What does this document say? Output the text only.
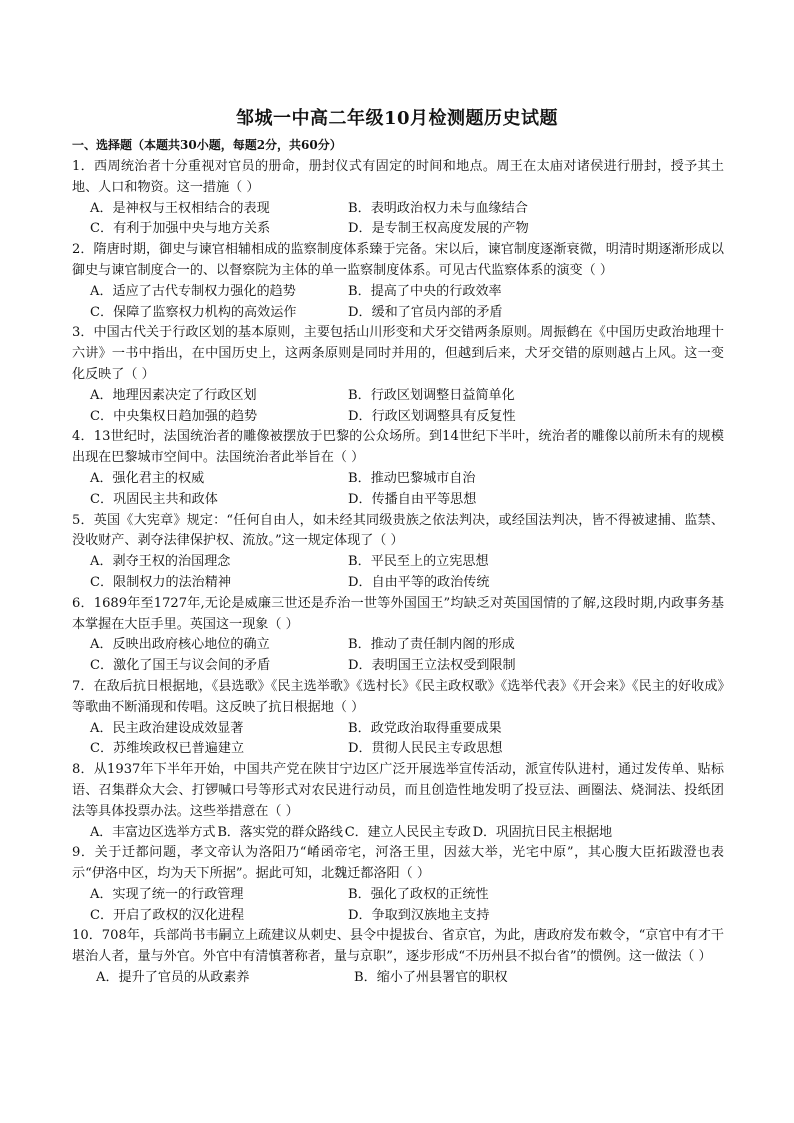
邹城一中高二年级10月检测题历史试题
一、选择题（本题共30小题，每题2分，共60分）

1．西周统治者十分重视对官员的册命，册封仪式有固定的时间和地点。周王在太庙对诸侯进行册封，授予其土地、人口和物资。这一措施（ ）

A．是神权与王权相结合的表现	B．表明政治权力未与血缘结合
C．有利于加强中央与地方关系	D．是专制王权高度发展的产物

2．隋唐时期，御史与谏官相辅相成的监察制度体系臻于完备。宋以后，谏官制度逐渐衰微，明清时期逐渐形成以御史与谏官制度合一的、以督察院为主体的单一监察制度体系。可见古代监察体系的演变（ ）

A．适应了古代专制权力强化的趋势	B．提高了中央的行政效率
C．保障了监察权力机构的高效运作	D．缓和了官员内部的矛盾

3．中国古代关于行政区划的基本原则，主要包括山川形变和犬牙交错两条原则。周振鹤在《中国历史政治地理十六讲》一书中指出，在中国历史上，这两条原则是同时并用的，但越到后来，犬牙交错的原则越占上风。这一变化反映了（ ）

A．地理因素决定了行政区划	B．行政区划调整日益简单化
C．中央集权日趋加强的趋势	D．行政区划调整具有反复性

4．13世纪时，法国统治者的雕像被摆放于巴黎的公众场所。到14世纪下半叶，统治者的雕像以前所未有的规模出现在巴黎城市空间中。法国统治者此举旨在（ ）

A．强化君主的权威	B．推动巴黎城市自治
C．巩固民主共和政体	D．传播自由平等思想

5．英国《大宪章》规定：“任何自由人，如未经其同级贵族之依法判决，或经国法判决，皆不得被逮捕、监禁、没收财产、剥夺法律保护权、流放。”这一规定体现了（ ）

A．剥夺王权的治国理念	B．平民至上的立宪思想
C．限制权力的法治精神	D．自由平等的政治传统

6．1689年至1727年,无论是威廉三世还是乔治一世等外国国王”均缺乏对英国国情的了解,这段时期,内政事务基本掌握在大臣手里。英国这一现象（ ）

A．反映出政府核心地位的确立	B．推动了责任制内阁的形成
C．激化了国王与议会间的矛盾	D．表明国王立法权受到限制

7．在敌后抗日根据地，《县选歌》《民主选举歌》《选村长》《民主政权歌》《选举代表》《开会来》《民主的好收成》等歌曲不断涌现和传唱。这反映了抗日根据地（ ）

A．民主政治建设成效显著	B．政党政治取得重要成果
C．苏维埃政权已普遍建立	D．贯彻人民民主专政思想

8．从1937年下半年开始，中国共产党在陕甘宁边区广泛开展选举宣传活动，派宣传队进村，通过发传单、贴标语、召集群众大会、打锣喊口号等形式对农民进行动员，而且创造性地发明了投豆法、画圈法、烧洞法、投纸团法等具体投票办法。这些举措意在（ ）

A．丰富边区选举方式 B．落实党的群众路线 C．建立人民民主专政 D．巩固抗日民主根据地

9．关于迁都问题，孝文帝认为洛阳乃“崤函帝宅，河洛王里，因兹大举，光宅中原”，其心腹大臣拓跋澄也表示“伊洛中区，均为天下所据”。据此可知，北魏迁都洛阳（ ）

A．实现了统一的行政管理	B．强化了政权的正统性
C．开启了政权的汉化进程	D．争取到汉族地主支持

10．708年，兵部尚书韦嗣立上疏建议从刺史、县令中提拔台、省京官，为此，唐政府发布敕令，“京官中有才干堪治人者，量与外官。外官中有清慎著称者，量与京职”，逐步形成“不历州县不拟台省”的惯例。这一做法（ ）

A．提升了官员的从政素养	B．缩小了州县署官的职权
